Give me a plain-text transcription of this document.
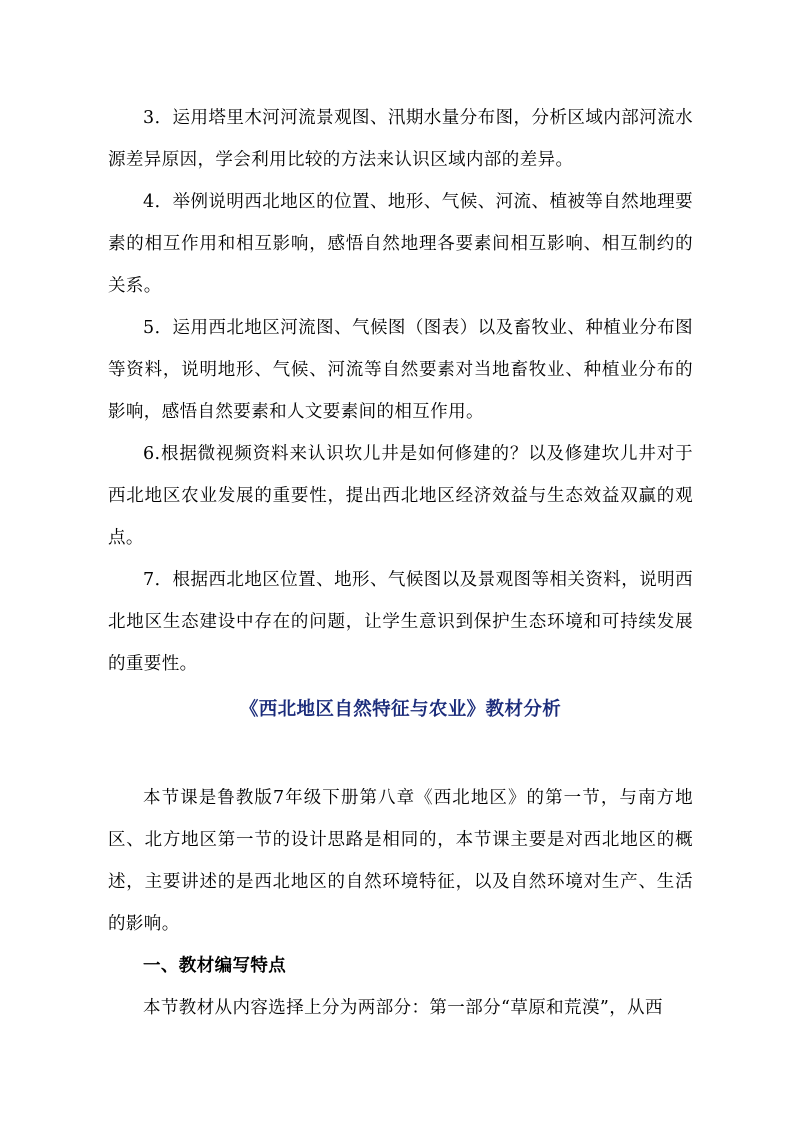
3．运用塔里木河河流景观图、汛期水量分布图，分析区域内部河流水源差异原因，学会利用比较的方法来认识区域内部的差异。

4．举例说明西北地区的位置、地形、气候、河流、植被等自然地理要素的相互作用和相互影响，感悟自然地理各要素间相互影响、相互制约的关系。

5．运用西北地区河流图、气候图（图表）以及畜牧业、种植业分布图等资料，说明地形、气候、河流等自然要素对当地畜牧业、种植业分布的影响，感悟自然要素和人文要素间的相互作用。

6.根据微视频资料来认识坎儿井是如何修建的？以及修建坎儿井对于西北地区农业发展的重要性，提出西北地区经济效益与生态效益双赢的观点。

7．根据西北地区位置、地形、气候图以及景观图等相关资料，说明西北地区生态建设中存在的问题，让学生意识到保护生态环境和可持续发展的重要性。

《西北地区自然特征与农业》教材分析

本节课是鲁教版7年级下册第八章《西北地区》的第一节，与南方地区、北方地区第一节的设计思路是相同的，本节课主要是对西北地区的概述，主要讲述的是西北地区的自然环境特征，以及自然环境对生产、生活的影响。

一、教材编写特点

本节教材从内容选择上分为两部分：第一部分“草原和荒漠”，从西
